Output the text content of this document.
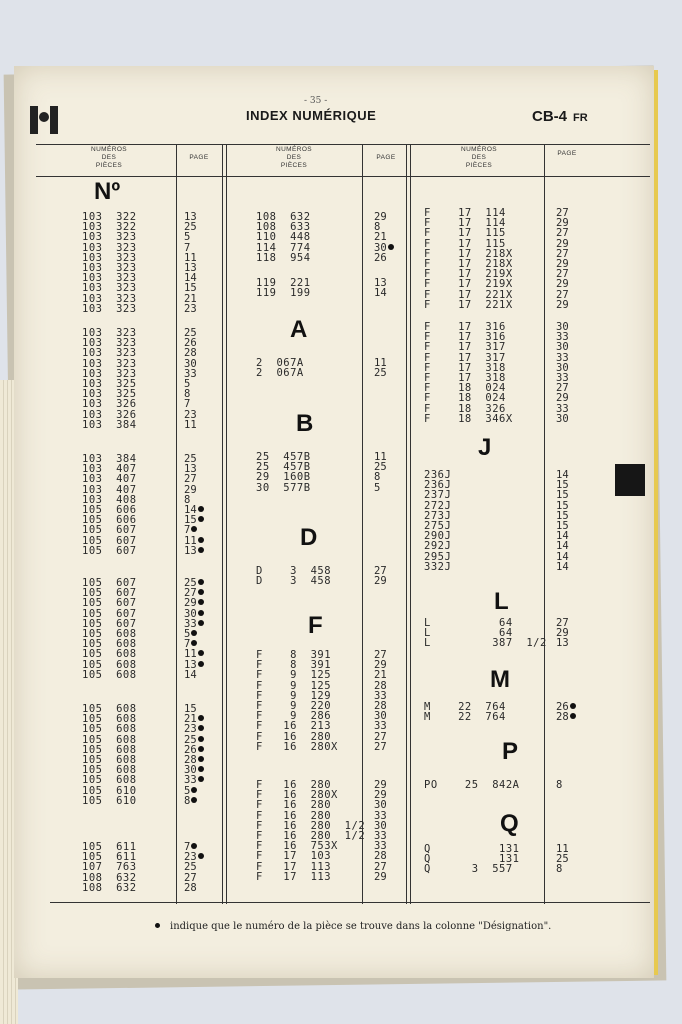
- 35 -
INDEX NUMÉRIQUE	CB-4 FR
NUMÉROS
DES
PIÈCES
PAGE
NUMÉROS
DES
PIÈCES
PAGE
NUMÉROS
DES
PIÈCES
PAGE
Nº
A
B
D
F
J
L
M
P
Q
103  322	13
103  322	25
103  323	5
103  323	7
103  323	11
103  323	13
103  323	14
103  323	15
103  323	21
103  323	23
103  323	25
103  323	26
103  323	28
103  323	30
103  323	33
103  325	5
103  325	8
103  326	7
103  326	23
103  384	11
103  384	25
103  407	13
103  407	27
103  407	29
103  408	8
105  606	14
105  606	15
105  607	7
105  607	11
105  607	13
105  607	25
105  607	27
105  607	29
105  607	30
105  607	33
105  608	5
105  608	7
105  608	11
105  608	13
105  608	14
105  608	15
105  608	21
105  608	23
105  608	25
105  608	26
105  608	28
105  608	30
105  608	33
105  610	5
105  610	8
105  611	7
105  611	23
107  763	25
108  632	27
108  632	28
108  632	29
108  633	8
110  448	21
114  774	30
118  954	26
119  221	13
119  199	14
2  067A	11
2  067A	25
25  457B	11
25  457B	25
29  160B	8
30  577B	5
D    3  458	27
D    3  458	29
F    8  391	27
F    8  391	29
F    9  125	21
F    9  125	28
F    9  129	33
F    9  220	28
F    9  286	30
F   16  213	33
F   16  280	27
F   16  280X	27
F   16  280	29
F   16  280X	29
F   16  280	30
F   16  280	33
F   16  280  1/2 30
F   16  280  1/2 33
F   16  753X	33
F   17  103	28
F   17  113	27
F   17  113	29
F    17  114	27
F    17  114	29
F    17  115	27
F    17  115	29
F    17  218X	27
F    17  218X	29
F    17  219X	27
F    17  219X	29
F    17  221X	27
F    17  221X	29
F    17  316	30
F    17  316	33
F    17  317	30
F    17  317	33
F    17  318	30
F    17  318	33
F    18  024	27
F    18  024	29
F    18  326	33
F    18  346X	30
236J	14
236J	15
237J	15
272J	15
273J	15
275J	15
290J	14
292J	14
295J	14
332J	14
L          64	27
L          64	29
L         387  1/2 13
M    22  764	26
M    22  764	28
PO    25  842A	8
Q          131	11
Q          131	25
Q      3  557	8
indique que le numéro de la pièce se trouve dans la colonne "Désignation".
